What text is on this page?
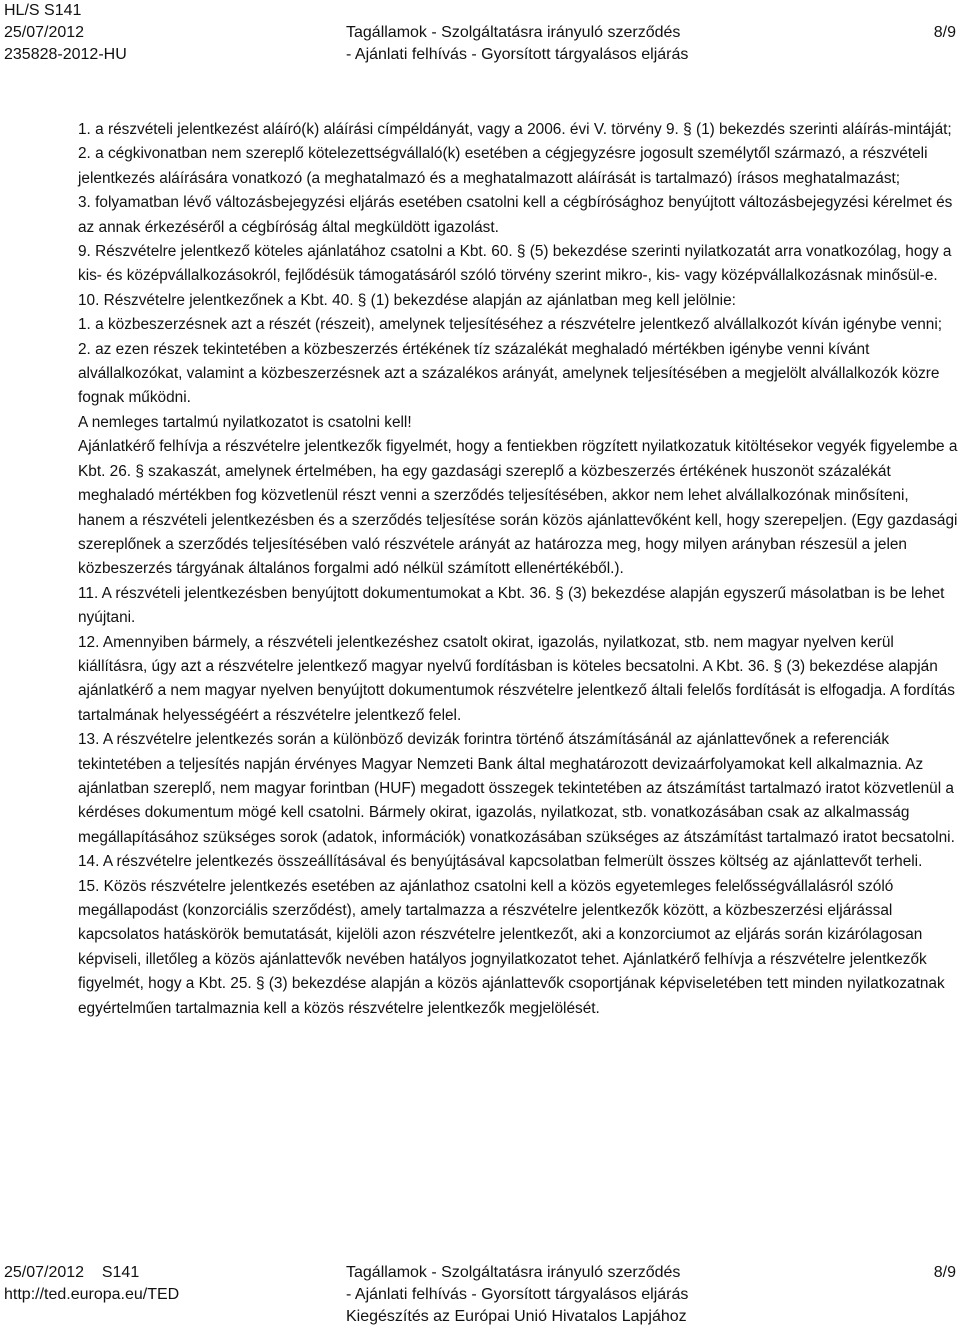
HL/S S141
25/07/2012
235828-2012-HU
Tagállamok - Szolgáltatásra irányuló szerződés
- Ajánlati felhívás - Gyorsított tárgyalásos eljárás
8/9

1. a részvételi jelentkezést aláíró(k) aláírási címpéldányát, vagy a 2006. évi V. törvény 9. § (1) bekezdés szerinti aláírás-mintáját;

2. a cégkivonatban nem szereplő kötelezettségvállaló(k) esetében a cégjegyzésre jogosult személytől származó, a részvételi jelentkezés aláírására vonatkozó (a meghatalmazó és a meghatalmazott aláírását is tartalmazó) írásos meghatalmazást;

3. folyamatban lévő változásbejegyzési eljárás esetében csatolni kell a cégbírósághoz benyújtott változásbejegyzési kérelmet és az annak érkezéséről a cégbíróság által megküldött igazolást.

9. Részvételre jelentkező köteles ajánlatához csatolni a Kbt. 60. § (5) bekezdése szerinti nyilatkozatát arra vonatkozólag, hogy a kis- és középvállalkozásokról, fejlődésük támogatásáról szóló törvény szerint mikro-, kis- vagy középvállalkozásnak minősül-e.

10. Részvételre jelentkezőnek a Kbt. 40. § (1) bekezdése alapján az ajánlatban meg kell jelölnie:

1. a közbeszerzésnek azt a részét (részeit), amelynek teljesítéséhez a részvételre jelentkező alvállalkozót kíván igénybe venni;

2. az ezen részek tekintetében a közbeszerzés értékének tíz százalékát meghaladó mértékben igénybe venni kívánt alvállalkozókat, valamint a közbeszerzésnek azt a százalékos arányát, amelynek teljesítésében a megjelölt alvállalkozók közre fognak működni.

A nemleges tartalmú nyilatkozatot is csatolni kell!

Ajánlatkérő felhívja a részvételre jelentkezők figyelmét, hogy a fentiekben rögzített nyilatkozatuk kitöltésekor vegyék figyelembe a Kbt. 26. § szakaszát, amelynek értelmében, ha egy gazdasági szereplő a közbeszerzés értékének huszonöt százalékát meghaladó mértékben fog közvetlenül részt venni a szerződés teljesítésében, akkor nem lehet alvállalkozónak minősíteni, hanem a részvételi jelentkezésben és a szerződés teljesítése során közös ajánlattevőként kell, hogy szerepeljen. (Egy gazdasági szereplőnek a szerződés teljesítésében való részvétele arányát az határozza meg, hogy milyen arányban részesül a jelen közbeszerzés tárgyának általános forgalmi adó nélkül számított ellenértékéből.).

11. A részvételi jelentkezésben benyújtott dokumentumokat a Kbt. 36. § (3) bekezdése alapján egyszerű másolatban is be lehet nyújtani.

12. Amennyiben bármely, a részvételi jelentkezéshez csatolt okirat, igazolás, nyilatkozat, stb. nem magyar nyelven kerül kiállításra, úgy azt a részvételre jelentkező magyar nyelvű fordításban is köteles becsatolni. A Kbt. 36. § (3) bekezdése alapján ajánlatkérő a nem magyar nyelven benyújtott dokumentumok részvételre jelentkező általi felelős fordítását is elfogadja. A fordítás tartalmának helyességéért a részvételre jelentkező felel.

13. A részvételre jelentkezés során a különböző devizák forintra történő átszámításánál az ajánlattevőnek a referenciák tekintetében a teljesítés napján érvényes Magyar Nemzeti Bank által meghatározott devizaárfolyamokat kell alkalmaznia. Az ajánlatban szereplő, nem magyar forintban (HUF) megadott összegek tekintetében az átszámítást tartalmazó iratot közvetlenül a kérdéses dokumentum mögé kell csatolni. Bármely okirat, igazolás, nyilatkozat, stb. vonatkozásában csak az alkalmasság megállapításához szükséges sorok (adatok, információk) vonatkozásában szükséges az átszámítást tartalmazó iratot becsatolni.

14. A részvételre jelentkezés összeállításával és benyújtásával kapcsolatban felmerült összes költség az ajánlattevőt terheli.

15. Közös részvételre jelentkezés esetében az ajánlathoz csatolni kell a közös egyetemleges felelősségvállalásról szóló megállapodást (konzorciális szerződést), amely tartalmazza a részvételre jelentkezők között, a közbeszerzési eljárással kapcsolatos hatáskörök bemutatását, kijelöli azon részvételre jelentkezőt, aki a konzorciumot az eljárás során kizárólagosan képviseli, illetőleg a közös ajánlattevők nevében hatályos jognyilatkozatot tehet. Ajánlatkérő felhívja a részvételre jelentkezők figyelmét, hogy a Kbt. 25. § (3) bekezdése alapján a közös ajánlattevők csoportjának képviseletében tett minden nyilatkozatnak egyértelműen tartalmaznia kell a közös részvételre jelentkezők megjelölését.

25/07/2012    S141
http://ted.europa.eu/TED
Tagállamok - Szolgáltatásra irányuló szerződés
- Ajánlati felhívás - Gyorsított tárgyalásos eljárás
Kiegészítés az Európai Unió Hivatalos Lapjához
8/9
